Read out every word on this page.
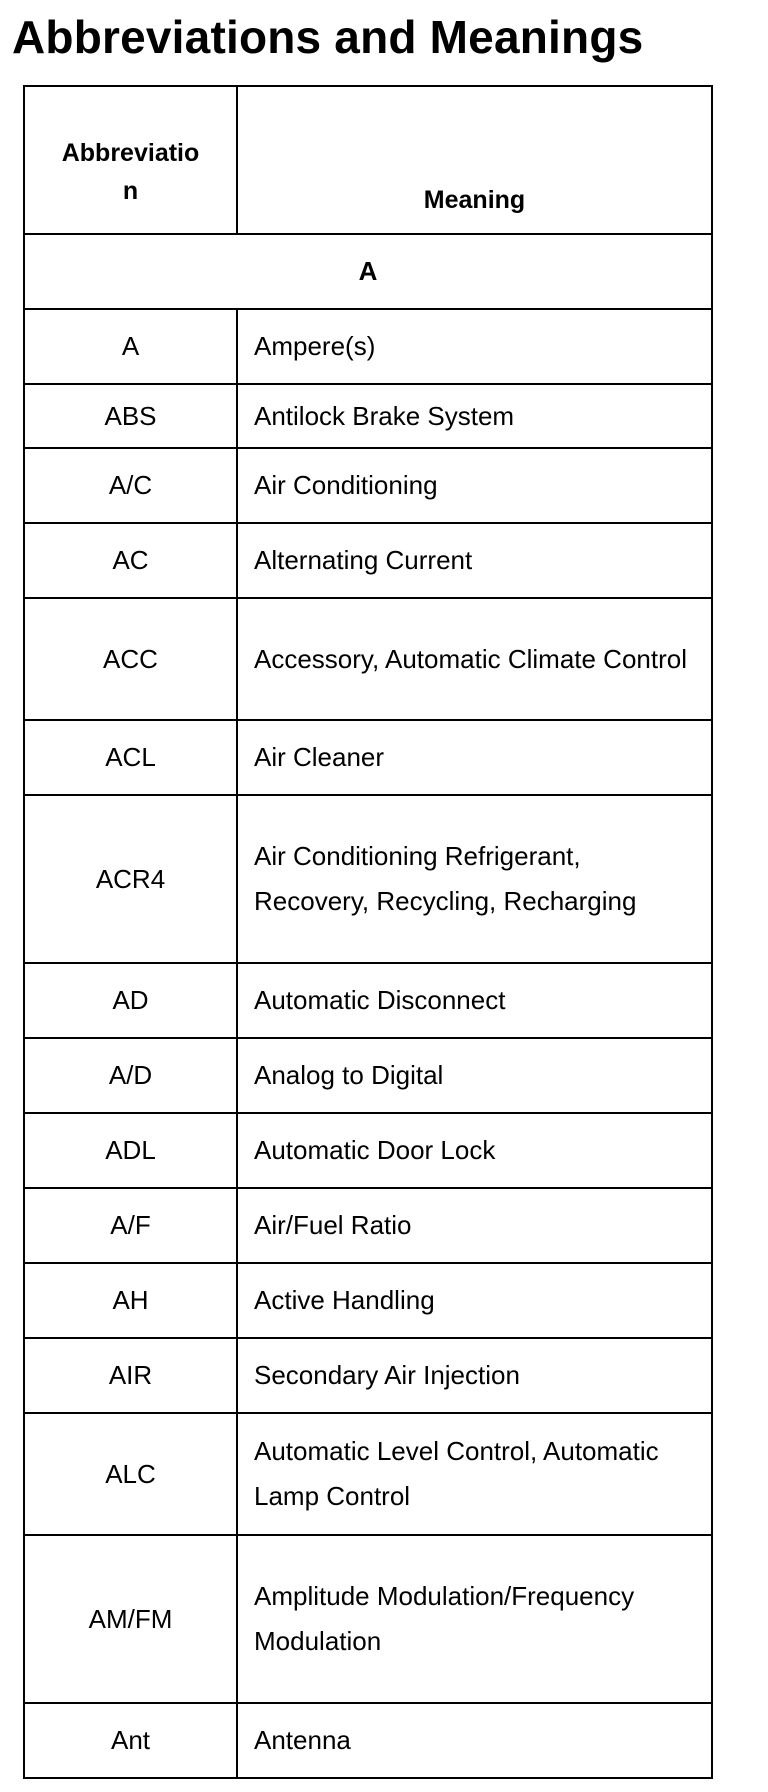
Abbreviations and Meanings
Abbreviation	Meaning
A	
A	Ampere(s)
ABS	Antilock Brake System
A/C	Air Conditioning
AC	Alternating Current
ACC	Accessory, Automatic Climate Control
ACL	Air Cleaner
ACR4	Air Conditioning Refrigerant, Recovery, Recycling, Recharging
AD	Automatic Disconnect
A/D	Analog to Digital
ADL	Automatic Door Lock
A/F	Air/Fuel Ratio
AH	Active Handling
AIR	Secondary Air Injection
ALC	Automatic Level Control, Automatic Lamp Control
AM/FM	Amplitude Modulation/Frequency Modulation
Ant	Antenna
